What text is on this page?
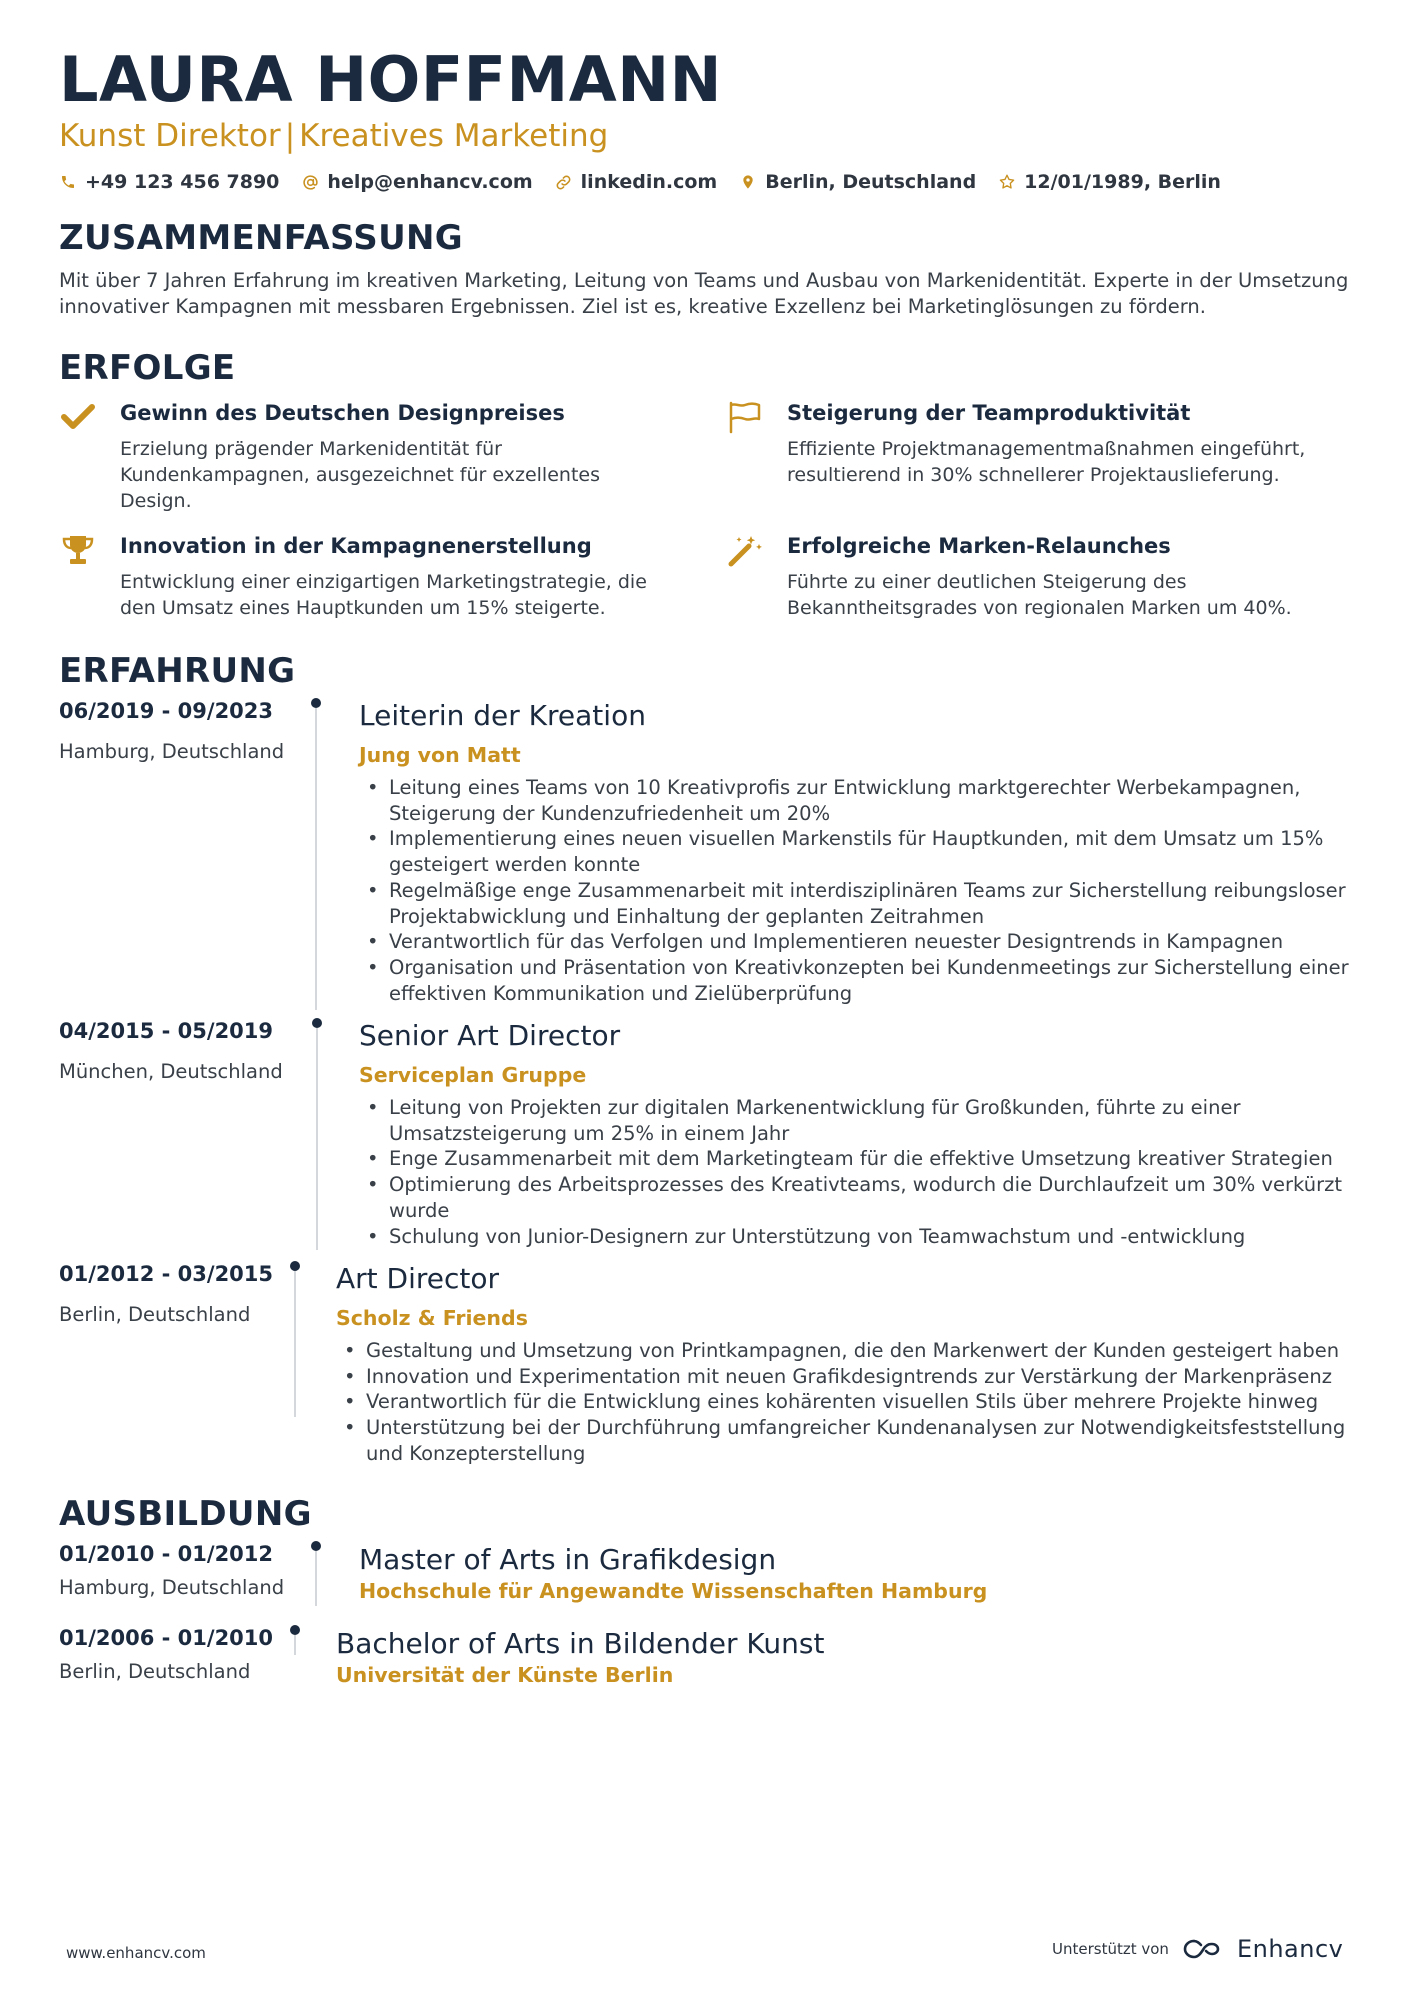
LAURA HOFFMANN
Kunst Direktor | Kreatives Marketing
+49 123 456 7890	help@enhancv.com	linkedin.com	Berlin, Deutschland	12/01/1989, Berlin
ZUSAMMENFASSUNG
Mit über 7 Jahren Erfahrung im kreativen Marketing, Leitung von Teams und Ausbau von Markenidentität. Experte in der Umsetzung innovativer Kampagnen mit messbaren Ergebnissen. Ziel ist es, kreative Exzellenz bei Marketinglösungen zu fördern.
ERFOLGE
Gewinn des Deutschen Designpreises
Erzielung prägender Markenidentität für Kundenkampagnen, ausgezeichnet für exzellentes Design.
Steigerung der Teamproduktivität
Effiziente Projektmanagementmaßnahmen eingeführt, resultierend in 30% schnellerer Projektauslieferung.
Innovation in der Kampagnenerstellung
Entwicklung einer einzigartigen Marketingstrategie, die den Umsatz eines Hauptkunden um 15% steigerte.
Erfolgreiche Marken-Relaunches
Führte zu einer deutlichen Steigerung des Bekanntheitsgrades von regionalen Marken um 40%.
ERFAHRUNG
06/2019 - 09/2023
Hamburg, Deutschland
Leiterin der Kreation
Jung von Matt
• Leitung eines Teams von 10 Kreativprofis zur Entwicklung marktgerechter Werbekampagnen, Steigerung der Kundenzufriedenheit um 20%
• Implementierung eines neuen visuellen Markenstils für Hauptkunden, mit dem Umsatz um 15% gesteigert werden konnte
• Regelmäßige enge Zusammenarbeit mit interdisziplinären Teams zur Sicherstellung reibungsloser Projektabwicklung und Einhaltung der geplanten Zeitrahmen
• Verantwortlich für das Verfolgen und Implementieren neuester Designtrends in Kampagnen
• Organisation und Präsentation von Kreativkonzepten bei Kundenmeetings zur Sicherstellung einer effektiven Kommunikation und Zielüberprüfung
04/2015 - 05/2019
München, Deutschland
Senior Art Director
Serviceplan Gruppe
• Leitung von Projekten zur digitalen Markenentwicklung für Großkunden, führte zu einer Umsatzsteigerung um 25% in einem Jahr
• Enge Zusammenarbeit mit dem Marketingteam für die effektive Umsetzung kreativer Strategien
• Optimierung des Arbeitsprozesses des Kreativteams, wodurch die Durchlaufzeit um 30% verkürzt wurde
• Schulung von Junior-Designern zur Unterstützung von Teamwachstum und -entwicklung
01/2012 - 03/2015
Berlin, Deutschland
Art Director
Scholz & Friends
• Gestaltung und Umsetzung von Printkampagnen, die den Markenwert der Kunden gesteigert haben
• Innovation und Experimentation mit neuen Grafikdesigntrends zur Verstärkung der Markenpräsenz
• Verantwortlich für die Entwicklung eines kohärenten visuellen Stils über mehrere Projekte hinweg
• Unterstützung bei der Durchführung umfangreicher Kundenanalysen zur Notwendigkeitsfeststellung und Konzepterstellung
AUSBILDUNG
01/2010 - 01/2012
Hamburg, Deutschland
Master of Arts in Grafikdesign
Hochschule für Angewandte Wissenschaften Hamburg
01/2006 - 01/2010
Berlin, Deutschland
Bachelor of Arts in Bildender Kunst
Universität der Künste Berlin
www.enhancv.com	Unterstützt von	Enhancv
